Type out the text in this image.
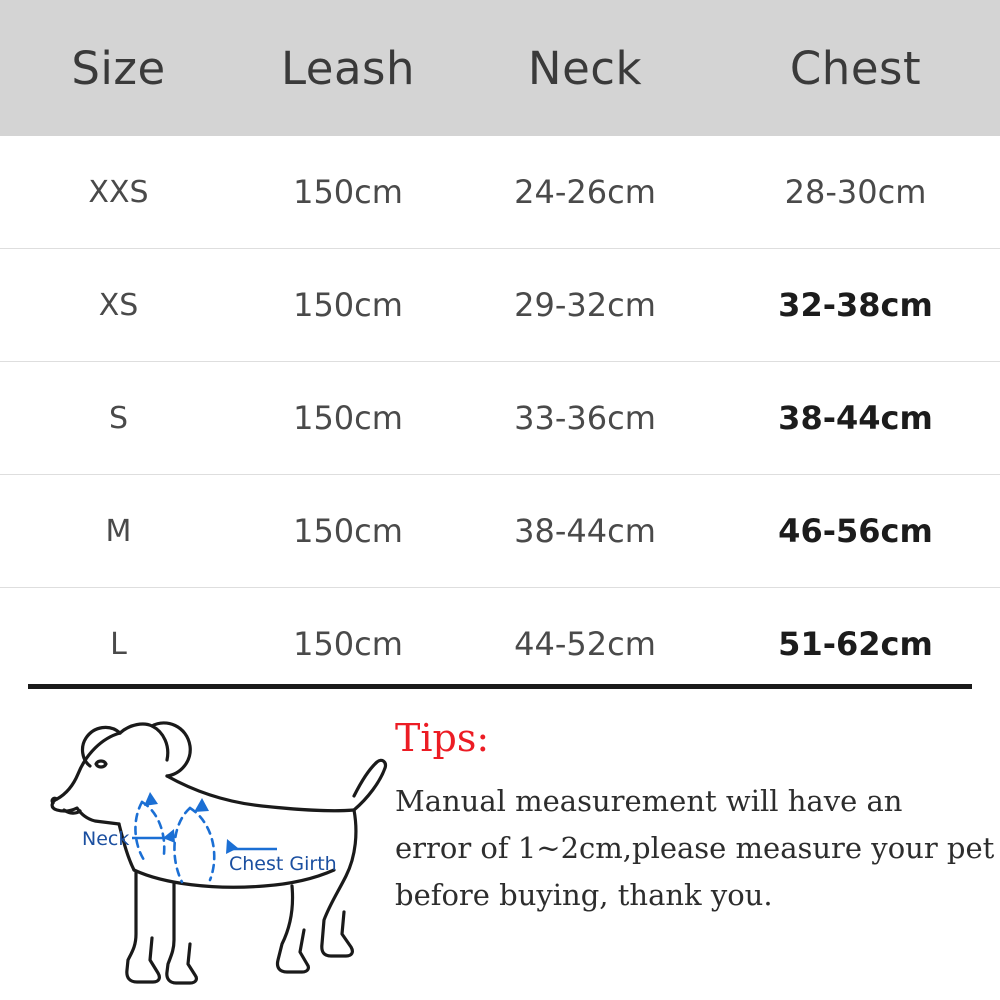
Size	Leash	Neck	Chest
XXS	150cm	24-26cm	28-30cm
XS	150cm	29-32cm	32-38cm
S	150cm	33-36cm	38-44cm
M	150cm	38-44cm	46-56cm
L	150cm	44-52cm	51-62cm
Neck
Chest Girth
Tips:
Manual measurement will have an
error of 1~2cm,please measure your pet
before buying, thank you.
